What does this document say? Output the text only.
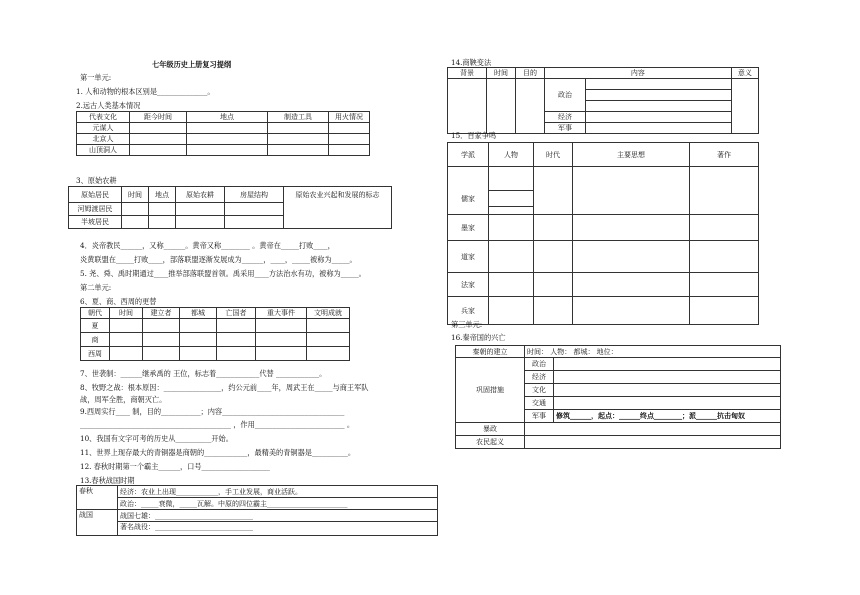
七年级历史上册复习提纲
第一单元:
1. 人和动物的根本区别是______________。
2.远古人类基本情况
代表文化	距今时间	地点	制造工具	用火情况
元谋人				
北京人				
山顶洞人				
3、原始农耕
原始居民	时间	地点	原始农耕	房屋结构	原始农业兴起和发展的标志
河姆渡居民					
半坡居民					
4．炎帝教民______，又称______。黄帝又称________ 。黄帝在_____打败____，
炎黄联盟在_____打败____，部落联盟逐渐发展成为______，____，_____被称为_____。
5. 尧、舜、禹时期通过____推举部落联盟首领。禹采用____方法治水有功，被称为_____。
第二单元:
6、夏、商、西周的更替
朝代	时间	建立者	都城	亡国者	重大事件	文明成就
夏						
商						
西周						
7、世袭制：______继承禹的 王位，标志着____________代替 ____________。
8、牧野之战：根本原因：________________，约公元前____年，周武王在_____与商王军队
战，周军全胜，商朝灭亡。
9.西周实行____ 制，目的___________；内容__________________________________
__________________________________________ ，作用_________________________ 。
10、我国有文字可考的历史从__________开始。
11、世界上现存最大的青铜器是商朝的____________，最精美的青铜器是__________。
12. 春秋时期第一个霸主______，口号___________________
13.春秋战国时期
春秋	经济：农业上出现____________，手工业发展，商业活跃。
	政治：_____衰微，_____瓦解。中原的四位霸主_______________________
战国	战国七雄：____________________________
	著名战役：____________________________
14.商鞅变法
背景	时间	目的	内容		意义
			政治		

			经济		
			军事		
15．百家争鸣
学派	人物	时代	主要思想	著作
儒家	

墨家				
道家				
法家				
兵家				
第三单元:
16.秦帝国的兴亡
秦朝的建立	时间： 人物： 都城： 地位：	
巩固措施	政治	
	经济	
	文化	
	交通	
	军事	修筑______，起点：______终点________；派______抗击匈奴
暴政		
农民起义		
